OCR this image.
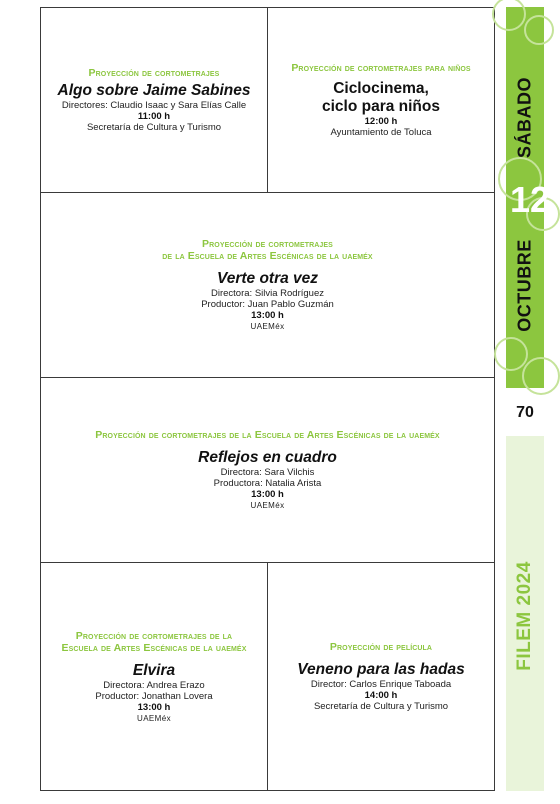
Proyección de cortometrajes
Algo sobre Jaime Sabines
Directores: Claudio Isaac y Sara Elías Calle
11:00 h
Secretaría de Cultura y Turismo
Proyección de cortometrajes para niños
Ciclocinema,
ciclo para niños
12:00 h
Ayuntamiento de Toluca
Proyección de cortometrajes
de la Escuela de Artes Escénicas de la uaeméx
Verte otra vez
Directora: Silvia Rodríguez
Productor: Juan Pablo Guzmán
13:00 h
UAEMéx
Proyección de cortometrajes de la Escuela de Artes Escénicas de la uaeméx
Reflejos en cuadro
Directora: Sara Vilchis
Productora: Natalia Arista
13:00 h
UAEMéx
Proyección de cortometrajes de la
Escuela de Artes Escénicas de la uaeméx
Elvira
Directora: Andrea Erazo
Productor: Jonathan Lovera
13:00 h
UAEMéx
Proyección de película
Veneno para las hadas
Director: Carlos Enrique Taboada
14:00 h
Secretaría de Cultura y Turismo
SÁBADO
12
OCTUBRE
70
FILEM 2024
